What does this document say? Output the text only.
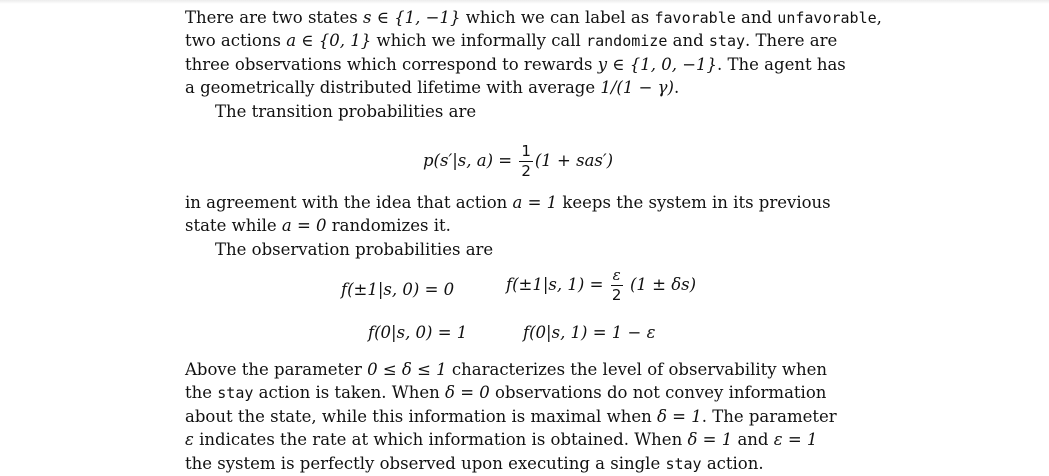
There are two states s ∈ {1, −1} which we can label as favorable and unfavorable,
two actions a ∈ {0, 1} which we informally call randomize and stay. There are
three observations which correspond to rewards y ∈ {1, 0, −1}. The agent has
a geometrically distributed lifetime with average 1/(1 − γ).
The transition probabilities are
p(s′|s, $a) = \frac{1}{2} (1 + sas')$
in agreement with the idea that action a = 1 keeps the system in its previous
state while a = 0 randomizes it.
The observation probabilities are
f(±1|s, 0) = 0	f(±1|s, $1) = \frac{\varepsilon}{2} (1 \pm \delta s)$
f(0|s, 0) = 1	f(0|s, 1) = 1 − ε
Above the parameter 0 ≤ δ ≤ 1 characterizes the level of observability when
the stay action is taken. When δ = 0 observations do not convey information
about the state, while this information is maximal when δ = 1. The parameter
ε indicates the rate at which information is obtained. When δ = 1 and ε = 1
the system is perfectly observed upon executing a single stay action.
